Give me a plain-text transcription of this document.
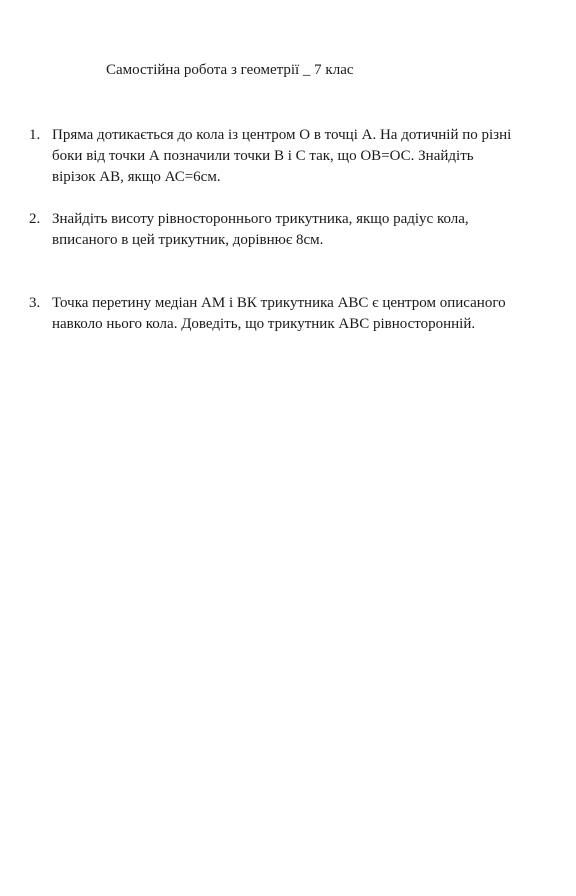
Самостійна робота з геометрії _ 7 клас
1. Пряма дотикається до кола із центром О в точці А. На дотичній по різні
боки від точки А позначили точки В і С так, що ОВ=ОС. Знайдіть
вірізок АВ, якщо АС=6см.
2. Знайдіть висоту рівностороннього трикутника, якщо радіус кола,
вписаного в цей трикутник, дорівнює 8см.
3. Точка перетину медіан АМ і ВК трикутника АВС є центром описаного
навколо нього кола. Доведіть, що трикутник АВС рівносторонній.
